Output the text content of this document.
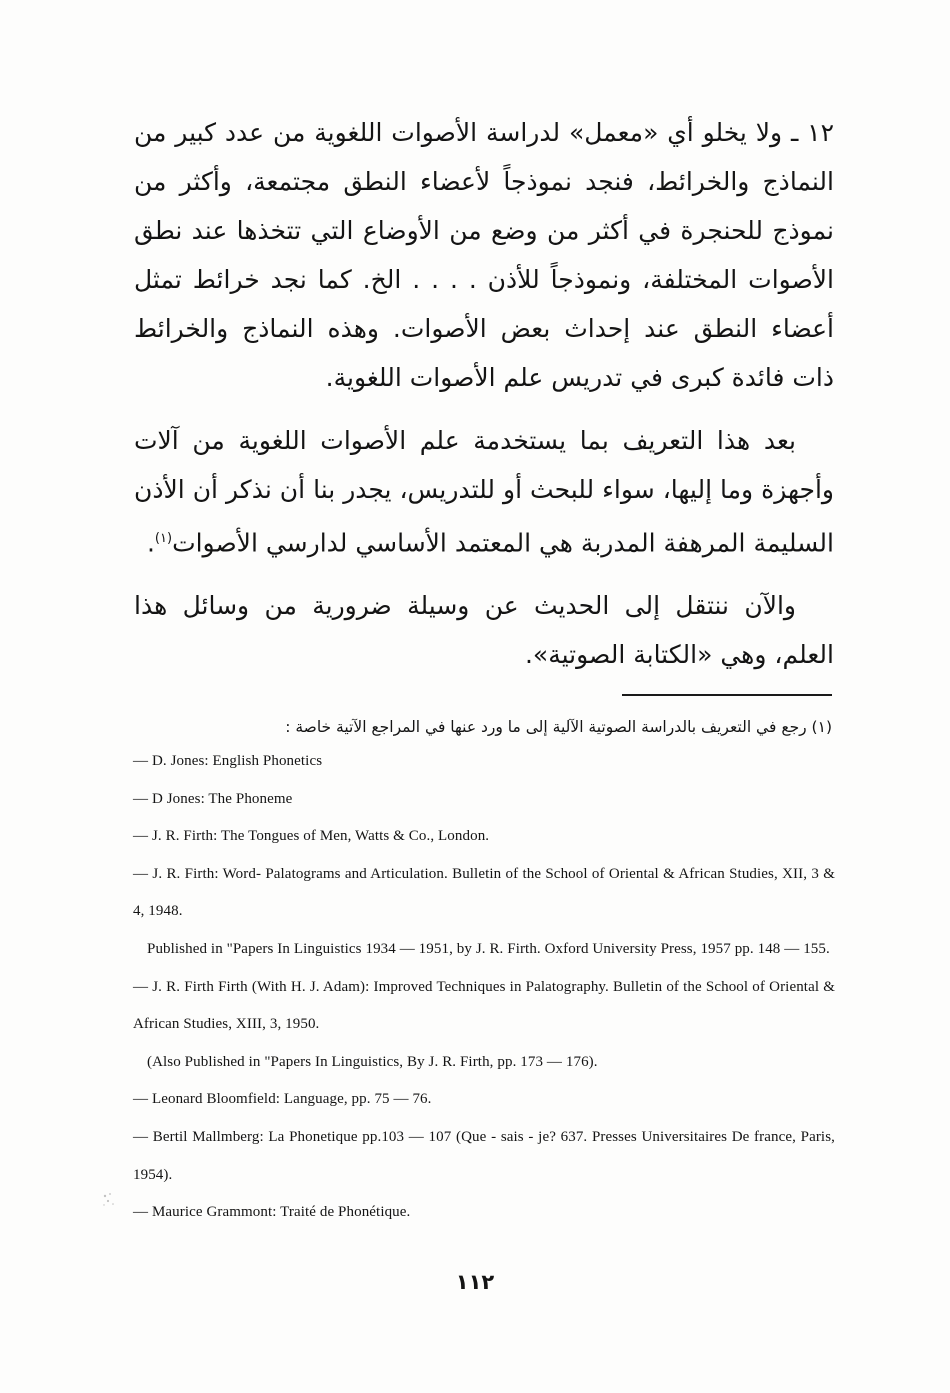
١٢ ـ ولا يخلو أي «معمل» لدراسة الأصوات اللغوية من عدد كبير من النماذج والخرائط، فنجد نموذجاً لأعضاء النطق مجتمعة، وأكثر من نموذج للحنجرة في أكثر من وضع من الأوضاع التي تتخذها عند نطق الأصوات المختلفة، ونموذجاً للأذن . . . . الخ. كما نجد خرائط تمثل أعضاء النطق عند إحداث بعض الأصوات. وهذه النماذج والخرائط ذات فائدة كبرى في تدريس علم الأصوات اللغوية.

بعد هذا التعريف بما يستخدمة علم الأصوات اللغوية من آلات وأجهزة وما إليها، سواء للبحث أو للتدريس، يجدر بنا أن نذكر أن الأذن السليمة المرهفة المدربة هي المعتمد الأساسي لدارسي الأصوات$^{(١)}$.

والآن ننتقل إلى الحديث عن وسيلة ضرورية من وسائل هذا العلم، وهي «الكتابة الصوتية».

(١) رجع في التعريف بالدراسة الصوتية الآلية إلى ما ورد عنها في المراجع الآتية خاصة :

— D. Jones: English Phonetics

— D Jones: The Phoneme

— J. R. Firth: The Tongues of Men, Watts & Co., London.

— J. R. Firth: Word- Palatograms and Articulation. Bulletin of the School of Oriental & African Studies, XII, 3 & 4, 1948.

Published in "Papers In Linguistics 1934 — 1951, by J. R. Firth. Oxford University Press, 1957 pp. 148 — 155.

— J. R. Firth Firth (With H. J. Adam): Improved Techniques in Palatography. Bulletin of the School of Oriental & African Studies, XIII, 3, 1950.

(Also Published in "Papers In Linguistics, By J. R. Firth, pp. 173 — 176).

— Leonard Bloomfield: Language, pp. 75 — 76.

— Bertil Mallmberg: La Phonetique pp.103 — 107 (Que - sais - je? 637. Presses Universitaires De france, Paris, 1954).

— Maurice Grammont: Traité de Phonétique.

١١٢
